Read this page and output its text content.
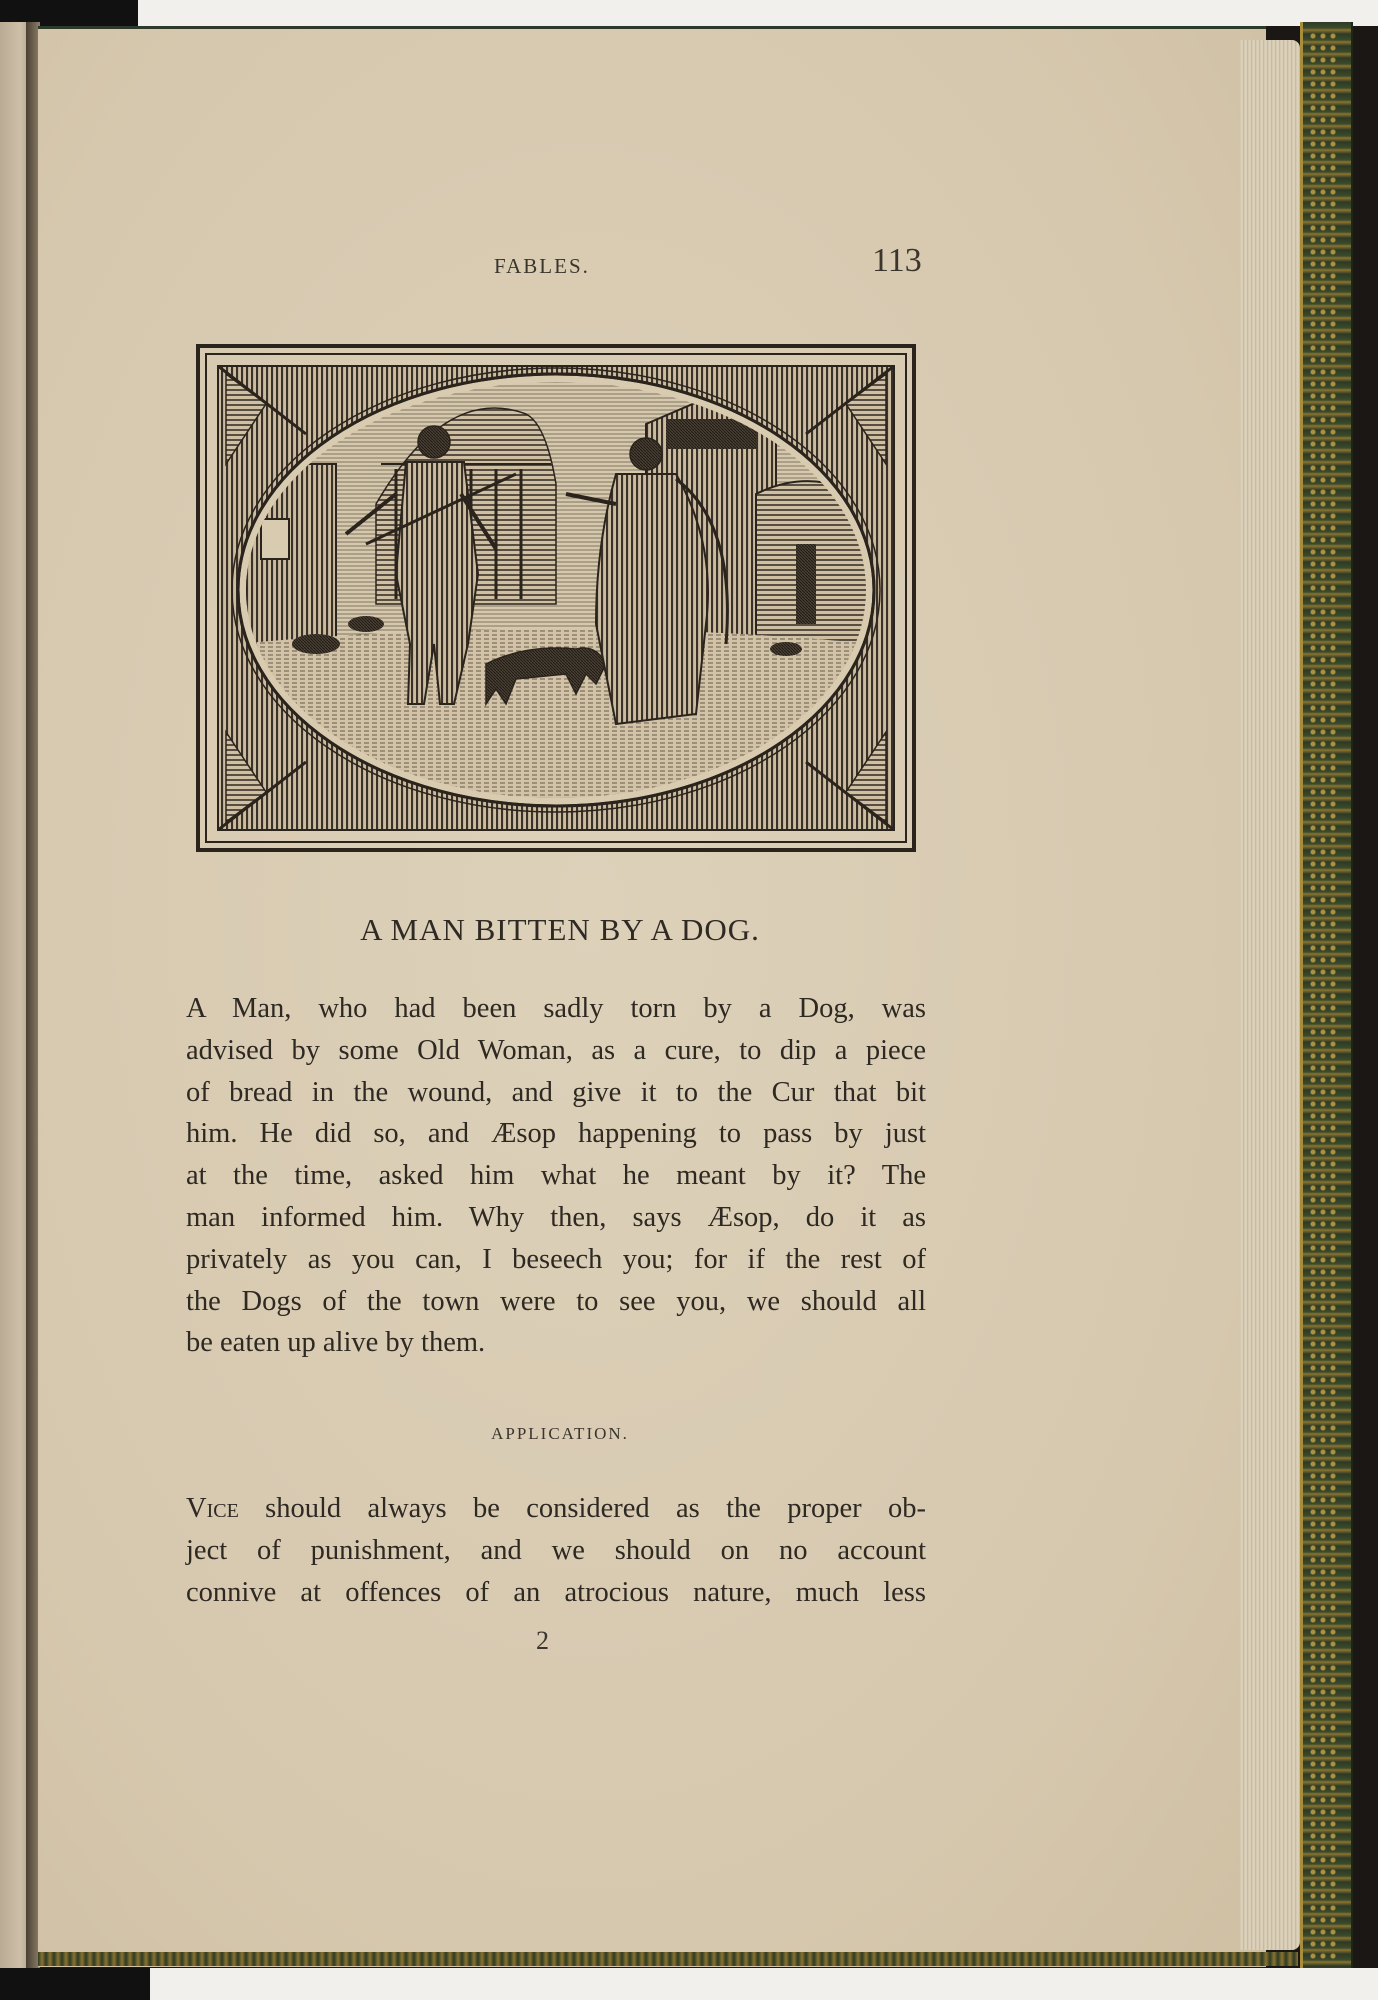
FABLES.	113
A MAN BITTEN BY A DOG.
A Man, who had been sadly torn by a Dog, was
advised by some Old Woman, as a cure, to dip a piece
of bread in the wound, and give it to the Cur that bit
him. He did so, and Æsop happening to pass by just
at the time, asked him what he meant by it? The
man informed him. Why then, says Æsop, do it as
privately as you can, I beseech you; for if the rest of
the Dogs of the town were to see you, we should all
be eaten up alive by them.
APPLICATION.
Vice should always be considered as the proper ob-
ject of punishment, and we should on no account
connive at offences of an atrocious nature, much less
2
